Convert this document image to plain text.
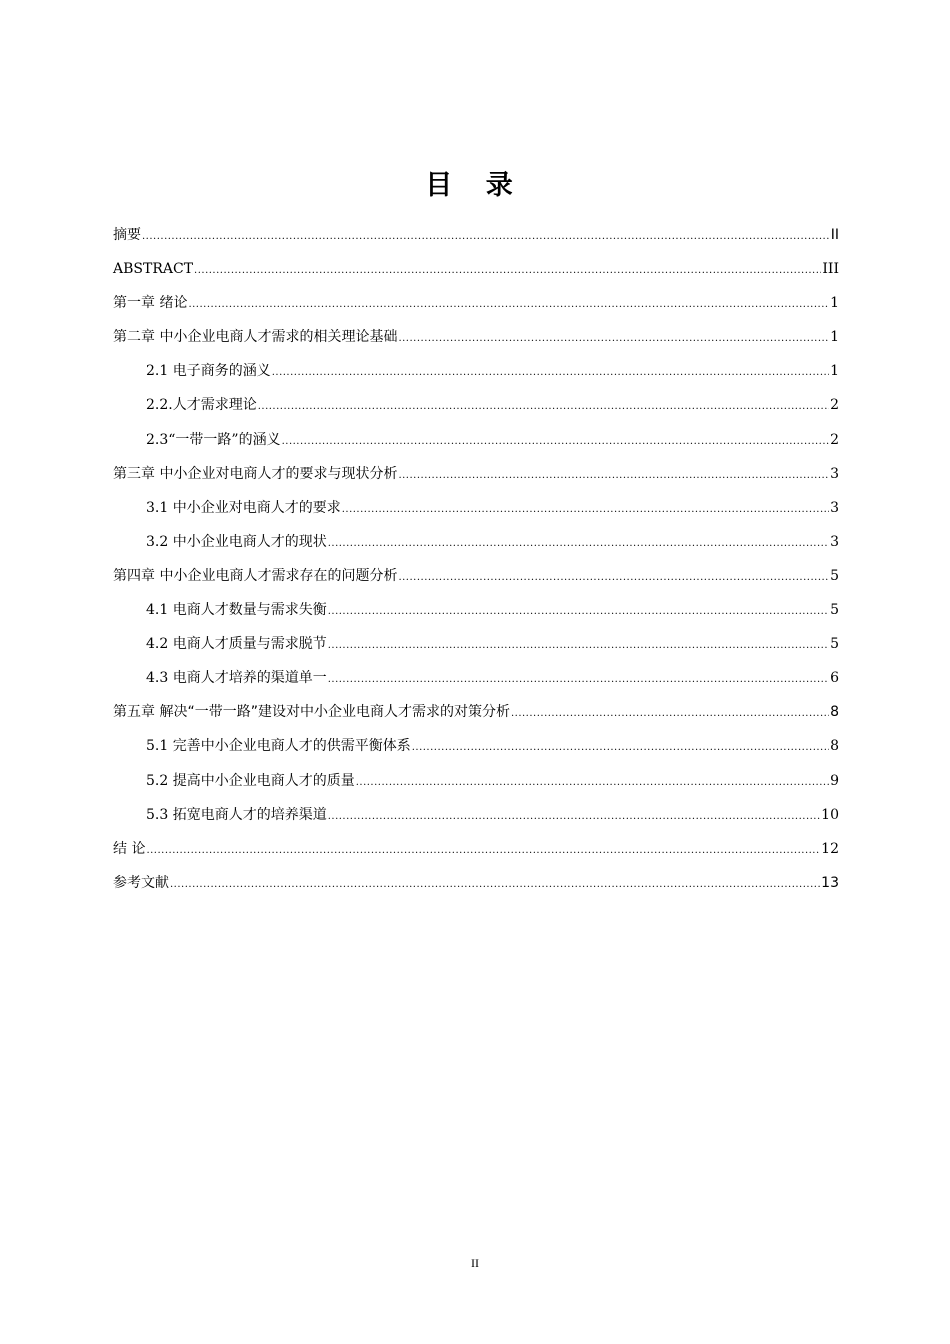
目 录
摘要 .....	II
ABSTRACT .....	III
第一章 绪论 .....	1
第二章 中小企业电商人才需求的相关理论基础 .....	1
2.1 电子商务的涵义 .....	1
2.2.人才需求理论 .....	2
2.3“一带一路”的涵义 .....	2
第三章 中小企业对电商人才的要求与现状分析 .....	3
3.1 中小企业对电商人才的要求 .....	3
3.2 中小企业电商人才的现状 .....	3
第四章 中小企业电商人才需求存在的问题分析 .....	5
4.1 电商人才数量与需求失衡 .....	5
4.2 电商人才质量与需求脱节 .....	5
4.3 电商人才培养的渠道单一 .....	6
第五章 解决“一带一路”建设对中小企业电商人才需求的对策分析 .....	8
5.1 完善中小企业电商人才的供需平衡体系 .....	8
5.2 提高中小企业电商人才的质量 .....	9
5.3 拓宽电商人才的培养渠道 .....	10
结 论 .....	12
参考文献 .....	13
II
